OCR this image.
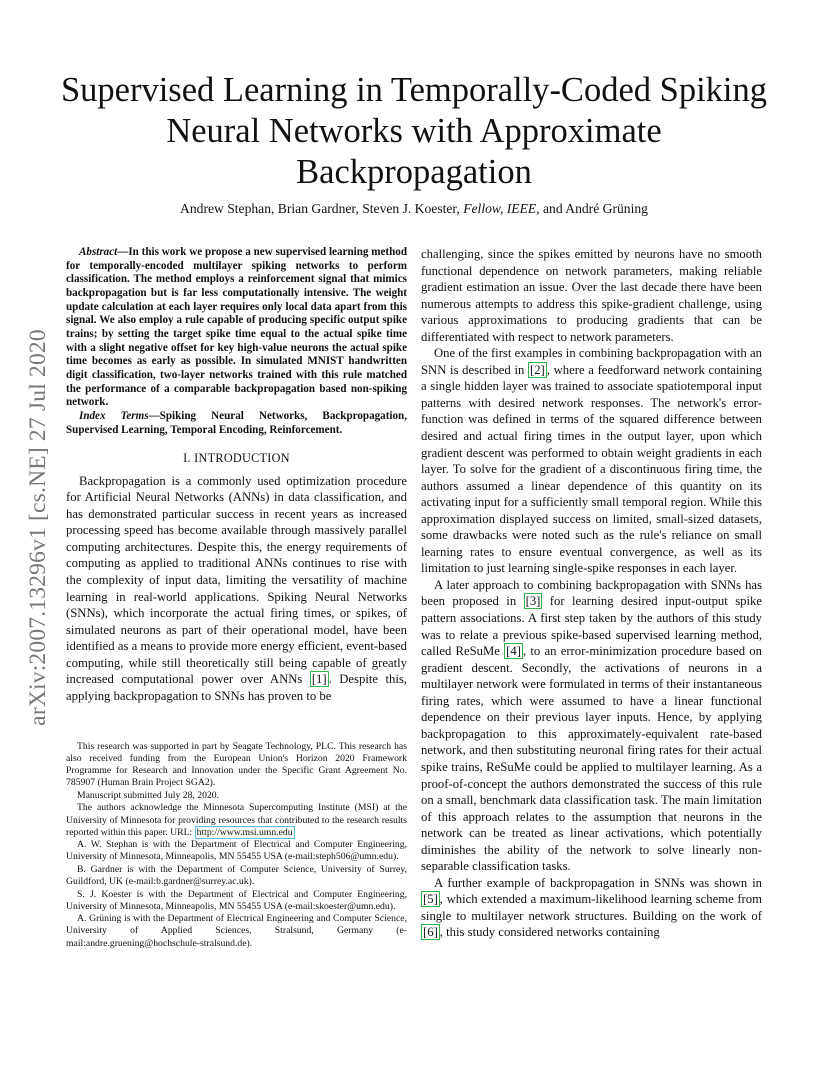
arXiv:2007.13296v1 [cs.NE] 27 Jul 2020
Supervised Learning in Temporally-Coded Spiking
Neural Networks with Approximate
Backpropagation
Andrew Stephan, Brian Gardner, Steven J. Koester, Fellow, IEEE, and André Grüning

Abstract—In this work we propose a new supervised learning method for temporally-encoded multilayer spiking networks to perform classification. The method employs a reinforcement signal that mimics backpropagation but is far less computationally intensive. The weight update calculation at each layer requires only local data apart from this signal. We also employ a rule capable of producing specific output spike trains; by setting the target spike time equal to the actual spike time with a slight negative offset for key high-value neurons the actual spike time becomes as early as possible. In simulated MNIST handwritten digit classification, two-layer networks trained with this rule matched the performance of a comparable backpropagation based non-spiking network.

Index Terms—Spiking Neural Networks, Backpropagation, Supervised Learning, Temporal Encoding, Reinforcement.

I. INTRODUCTION

Backpropagation is a commonly used optimization procedure for Artificial Neural Networks (ANNs) in data classification, and has demonstrated particular success in recent years as increased processing speed has become available through massively parallel computing architectures. Despite this, the energy requirements of computing as applied to traditional ANNs continues to rise with the complexity of input data, limiting the versatility of machine learning in real-world applications. Spiking Neural Networks (SNNs), which incorporate the actual firing times, or spikes, of simulated neurons as part of their operational model, have been identified as a means to provide more energy efficient, event-based computing, while still theoretically still being capable of greatly increased computational power over ANNs [1] . Despite this, applying backpropagation to SNNs has proven to be

This research was supported in part by Seagate Technology, PLC. This research has also received funding from the European Union's Horizon 2020 Framework Programme for Research and Innovation under the Specific Grant Agreement No. 785907 (Human Brain Project SGA2).

Manuscript submitted July 28, 2020.

The authors acknowledge the Minnesota Supercomputing Institute (MSI) at the University of Minnesota for providing resources that contributed to the research results reported within this paper. URL: http://www.msi.umn.edu

A. W. Stephan is with the Department of Electrical and Computer Engineering, University of Minnesota, Minneapolis, MN 55455 USA (e-mail:steph506@umn.edu).

B. Gardner is with the Department of Computer Science, University of Surrey, Guildford, UK (e-mail:b.gardner@surrey.ac.uk).

S. J. Koester is with the Department of Electrical and Computer Engineering, University of Minnesota, Minneapolis, MN 55455 USA (e-mail:skoester@umn.edu).

A. Grüning is with the Department of Electrical Engineering and Computer Science, University of Applied Sciences, Stralsund, Germany (e-mail:andre.gruening@hochschule-stralsund.de).

challenging, since the spikes emitted by neurons have no smooth functional dependence on network parameters, making reliable gradient estimation an issue. Over the last decade there have been numerous attempts to address this spike-gradient challenge, using various approximations to producing gradients that can be differentiated with respect to network parameters.

One of the first examples in combining backpropagation with an SNN is described in [2] , where a feedforward network containing a single hidden layer was trained to associate spatiotemporal input patterns with desired network responses. The network's error-function was defined in terms of the squared difference between desired and actual firing times in the output layer, upon which gradient descent was performed to obtain weight gradients in each layer. To solve for the gradient of a discontinuous firing time, the authors assumed a linear dependence of this quantity on its activating input for a sufficiently small temporal region. While this approximation displayed success on limited, small-sized datasets, some drawbacks were noted such as the rule's reliance on small learning rates to ensure eventual convergence, as well as its limitation to just learning single-spike responses in each layer.

A later approach to combining backpropagation with SNNs has been proposed in [3] for learning desired input-output spike pattern associations. A first step taken by the authors of this study was to relate a previous spike-based supervised learning method, called ReSuMe [4] , to an error-minimization procedure based on gradient descent. Secondly, the activations of neurons in a multilayer network were formulated in terms of their instantaneous firing rates, which were assumed to have a linear functional dependence on their previous layer inputs. Hence, by applying backpropagation to this approximately-equivalent rate-based network, and then substituting neuronal firing rates for their actual spike trains, ReSuMe could be applied to multilayer learning. As a proof-of-concept the authors demonstrated the success of this rule on a small, benchmark data classification task. The main limitation of this approach relates to the assumption that neurons in the network can be treated as linear activations, which potentially diminishes the ability of the network to solve linearly non-separable classification tasks.

A further example of backpropagation in SNNs was shown in [5] , which extended a maximum-likelihood learning scheme from single to multilayer network structures. Building on the work of [6] , this study considered networks containing
